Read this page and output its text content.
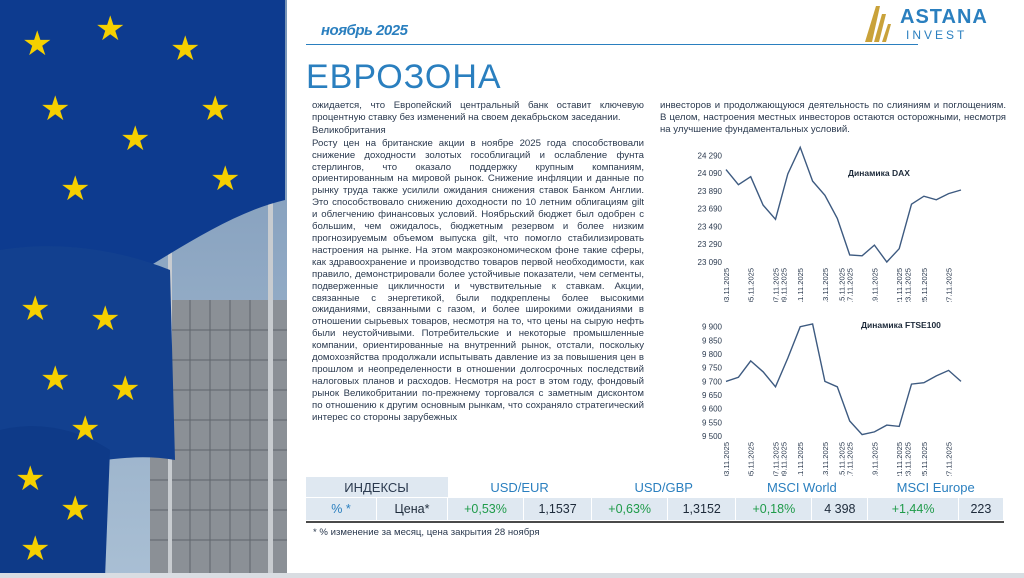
★ ★ ★
★	★
★
★	★
★ ★
★ ★
★
★
★
★
ноябрь 2025
ASTANA
INVEST
ЕВРОЗОНА

ожидается, что Европейский центральный банк оставит ключевую процентную ставку без изменений на своем декабрьском заседании.

Великобритания

Росту цен на британские акции в ноябре 2025 года способствовали снижение доходности золотых гособлигаций и ослабление фунта стерлингов, что оказало поддержку крупным компаниям, ориентированным на мировой рынок. Снижение инфляции и данные по рынку труда также усилили ожидания снижения ставок Банком Англии. Это способствовало снижению доходности по 10 летним облигациям gilt и облегчению финансовых условий. Ноябрьский бюджет был одобрен с большим, чем ожидалось, бюджетным резервом и более низким прогнозируемым объемом выпуска gilt, что помогло стабилизировать настроения на рынке. На этом макроэкономическом фоне такие сферы, как здравоохранение и производство товаров первой необходимости, как правило, демонстрировали более устойчивые показатели, чем сегменты, подверженные цикличности и чувствительные к ставкам. Акции, связанные с энергетикой, были подкреплены более высокими ожиданиями, связанными с газом, и более широкими ожиданиями в отношении сырьевых товаров, несмотря на то, что цены на сырую нефть были неустойчивыми. Потребительские и некоторые промышленные компании, ориентированные на внутренний рынок, отстали, поскольку домохозяйства продолжали испытывать давление из за повышения цен в прошлом и неопределенности в отношении долгосрочных последствий налоговых планов и расходов. Несмотря на рост в этом году, фондовый рынок Великобритании по-прежнему торговался с заметным дисконтом по отношению к другим основным рынкам, что сохраняло стратегический интерес со стороны зарубежных

инвесторов и продолжающуюся деятельность по слияниям и поглощениям. В целом, настроения местных инвесторов остаются осторожными, несмотря на улучшение фундаментальных условий.
23 090
23 290
23 490
23 690
23 890
24 090
24 290
03.11.2025 05.11.2025 07.11.2025 09.11.2025 11.11.2025 13.11.2025 15.11.2025 17.11.2025 19.11.2025 21.11.2025 23.11.2025 25.11.2025 27.11.2025
Динамика DAX
9 500
9 550
9 600
9 650
9 700
9 750
9 800
9 850
9 900
03.11.2025 05.11.2025 07.11.2025 09.11.2025 11.11.2025 13.11.2025 15.11.2025 17.11.2025 19.11.2025 21.11.2025 23.11.2025 25.11.2025 27.11.2025
Динамика FTSE100
ИНДЕКСЫ		USD/EUR		USD/GBP		MSCI World		MSCI Europe	
% *	Цена*	+0,53%	1,1537	+0,63%	1,3152	+0,18%	4 398	+1,44%	223

* % изменение за месяц, цена закрытия 28 ноября
